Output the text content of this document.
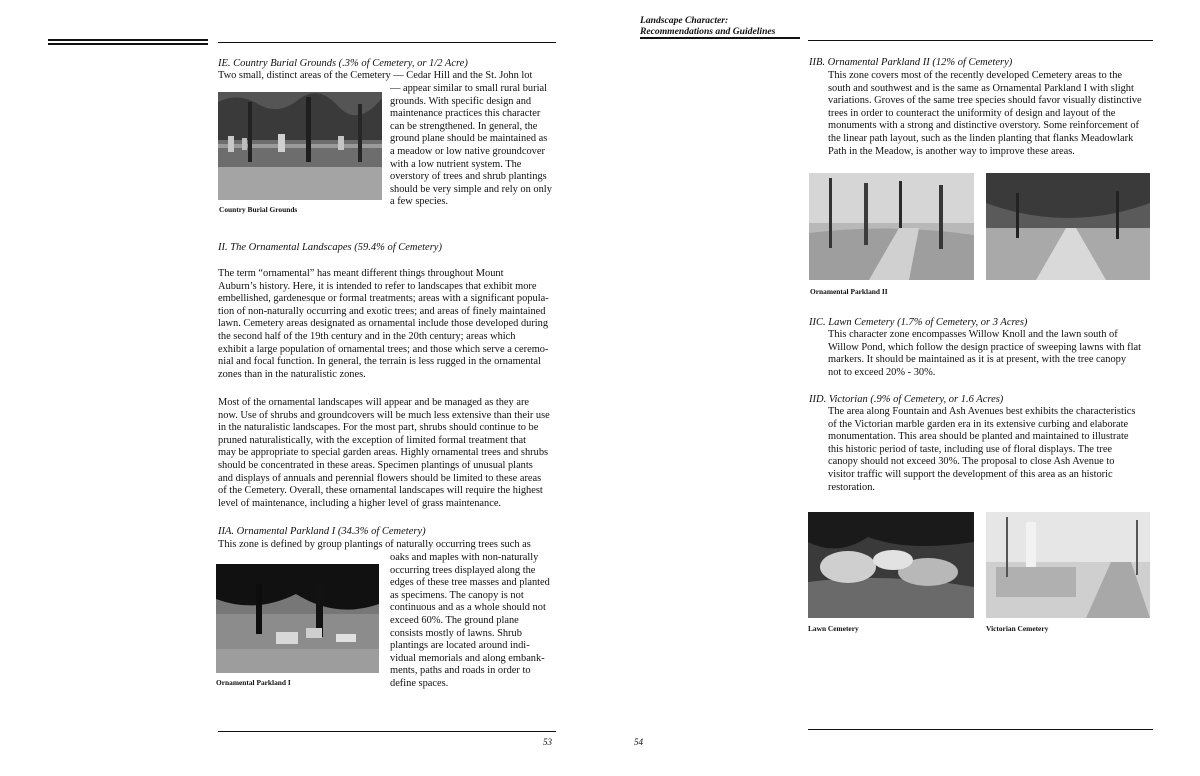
IE. Country Burial Grounds (.3% of Cemetery, or 1/2 Acre)
Two small, distinct areas of the Cemetery — Cedar Hill and the St. John lot
— appear similar to small rural burial
grounds. With specific design and
maintenance practices this character
can be strengthened. In general, the
ground plane should be maintained as
a meadow or low native groundcover
with a low nutrient system. The
overstory of trees and shrub plantings
should be very simple and rely on only
a few species.
Country Burial Grounds
II. The Ornamental Landscapes (59.4% of Cemetery)
The term “ornamental” has meant different things throughout Mount
Auburn’s history. Here, it is intended to refer to landscapes that exhibit more
embellished, gardenesque or formal treatments; areas with a significant popula-
tion of non-naturally occurring and exotic trees; and areas of finely maintained
lawn. Cemetery areas designated as ornamental include those developed during
the second half of the 19th century and in the 20th century; areas which
exhibit a large population of ornamental trees; and those which serve a ceremo-
nial and focal function. In general, the terrain is less rugged in the ornamental
zones than in the naturalistic zones.
Most of the ornamental landscapes will appear and be managed as they are
now. Use of shrubs and groundcovers will be much less extensive than their use
in the naturalistic landscapes. For the most part, shrubs should continue to be
pruned naturalistically, with the exception of limited formal treatment that
may be appropriate to special garden areas. Highly ornamental trees and shrubs
should be concentrated in these areas. Specimen plantings of unusual plants
and displays of annuals and perennial flowers should be limited to these areas
of the Cemetery. Overall, these ornamental landscapes will require the highest
level of maintenance, including a higher level of grass maintenance.
IIA. Ornamental Parkland I (34.3% of Cemetery)
This zone is defined by group plantings of naturally occurring trees such as
oaks and maples with non-naturally
occurring trees displayed along the
edges of these tree masses and planted
as specimens. The canopy is not
continuous and as a whole should not
exceed 60%. The ground plane
consists mostly of lawns. Shrub
plantings are located around indi-
vidual memorials and along embank-
ments, paths and roads in order to
define spaces.
Ornamental Parkland I
53
Landscape Character:
Recommendations and Guidelines
IIB. Ornamental Parkland II (12% of Cemetery)
This zone covers most of the recently developed Cemetery areas to the
south and southwest and is the same as Ornamental Parkland I with slight
variations. Groves of the same tree species should favor visually distinctive
trees in order to counteract the uniformity of design and layout of the
monuments with a strong and distinctive overstory. Some reinforcement of
the linear path layout, such as the linden planting that flanks Meadowlark
Path in the Meadow, is another way to improve these areas.
Ornamental Parkland II
IIC. Lawn Cemetery (1.7% of Cemetery, or 3 Acres)
This character zone encompasses Willow Knoll and the lawn south of
Willow Pond, which follow the design practice of sweeping lawns with flat
markers. It should be maintained as it is at present, with the tree canopy
not to exceed 20% - 30%.
IID. Victorian (.9% of Cemetery, or 1.6 Acres)
The area along Fountain and Ash Avenues best exhibits the characteristics
of the Victorian marble garden era in its extensive curbing and elaborate
monumentation. This area should be planted and maintained to illustrate
this historic period of taste, including use of floral displays. The tree
canopy should not exceed 30%. The proposal to close Ash Avenue to
visitor traffic will support the development of this area as an historic
restoration.
Lawn Cemetery	Victorian Cemetery
54
